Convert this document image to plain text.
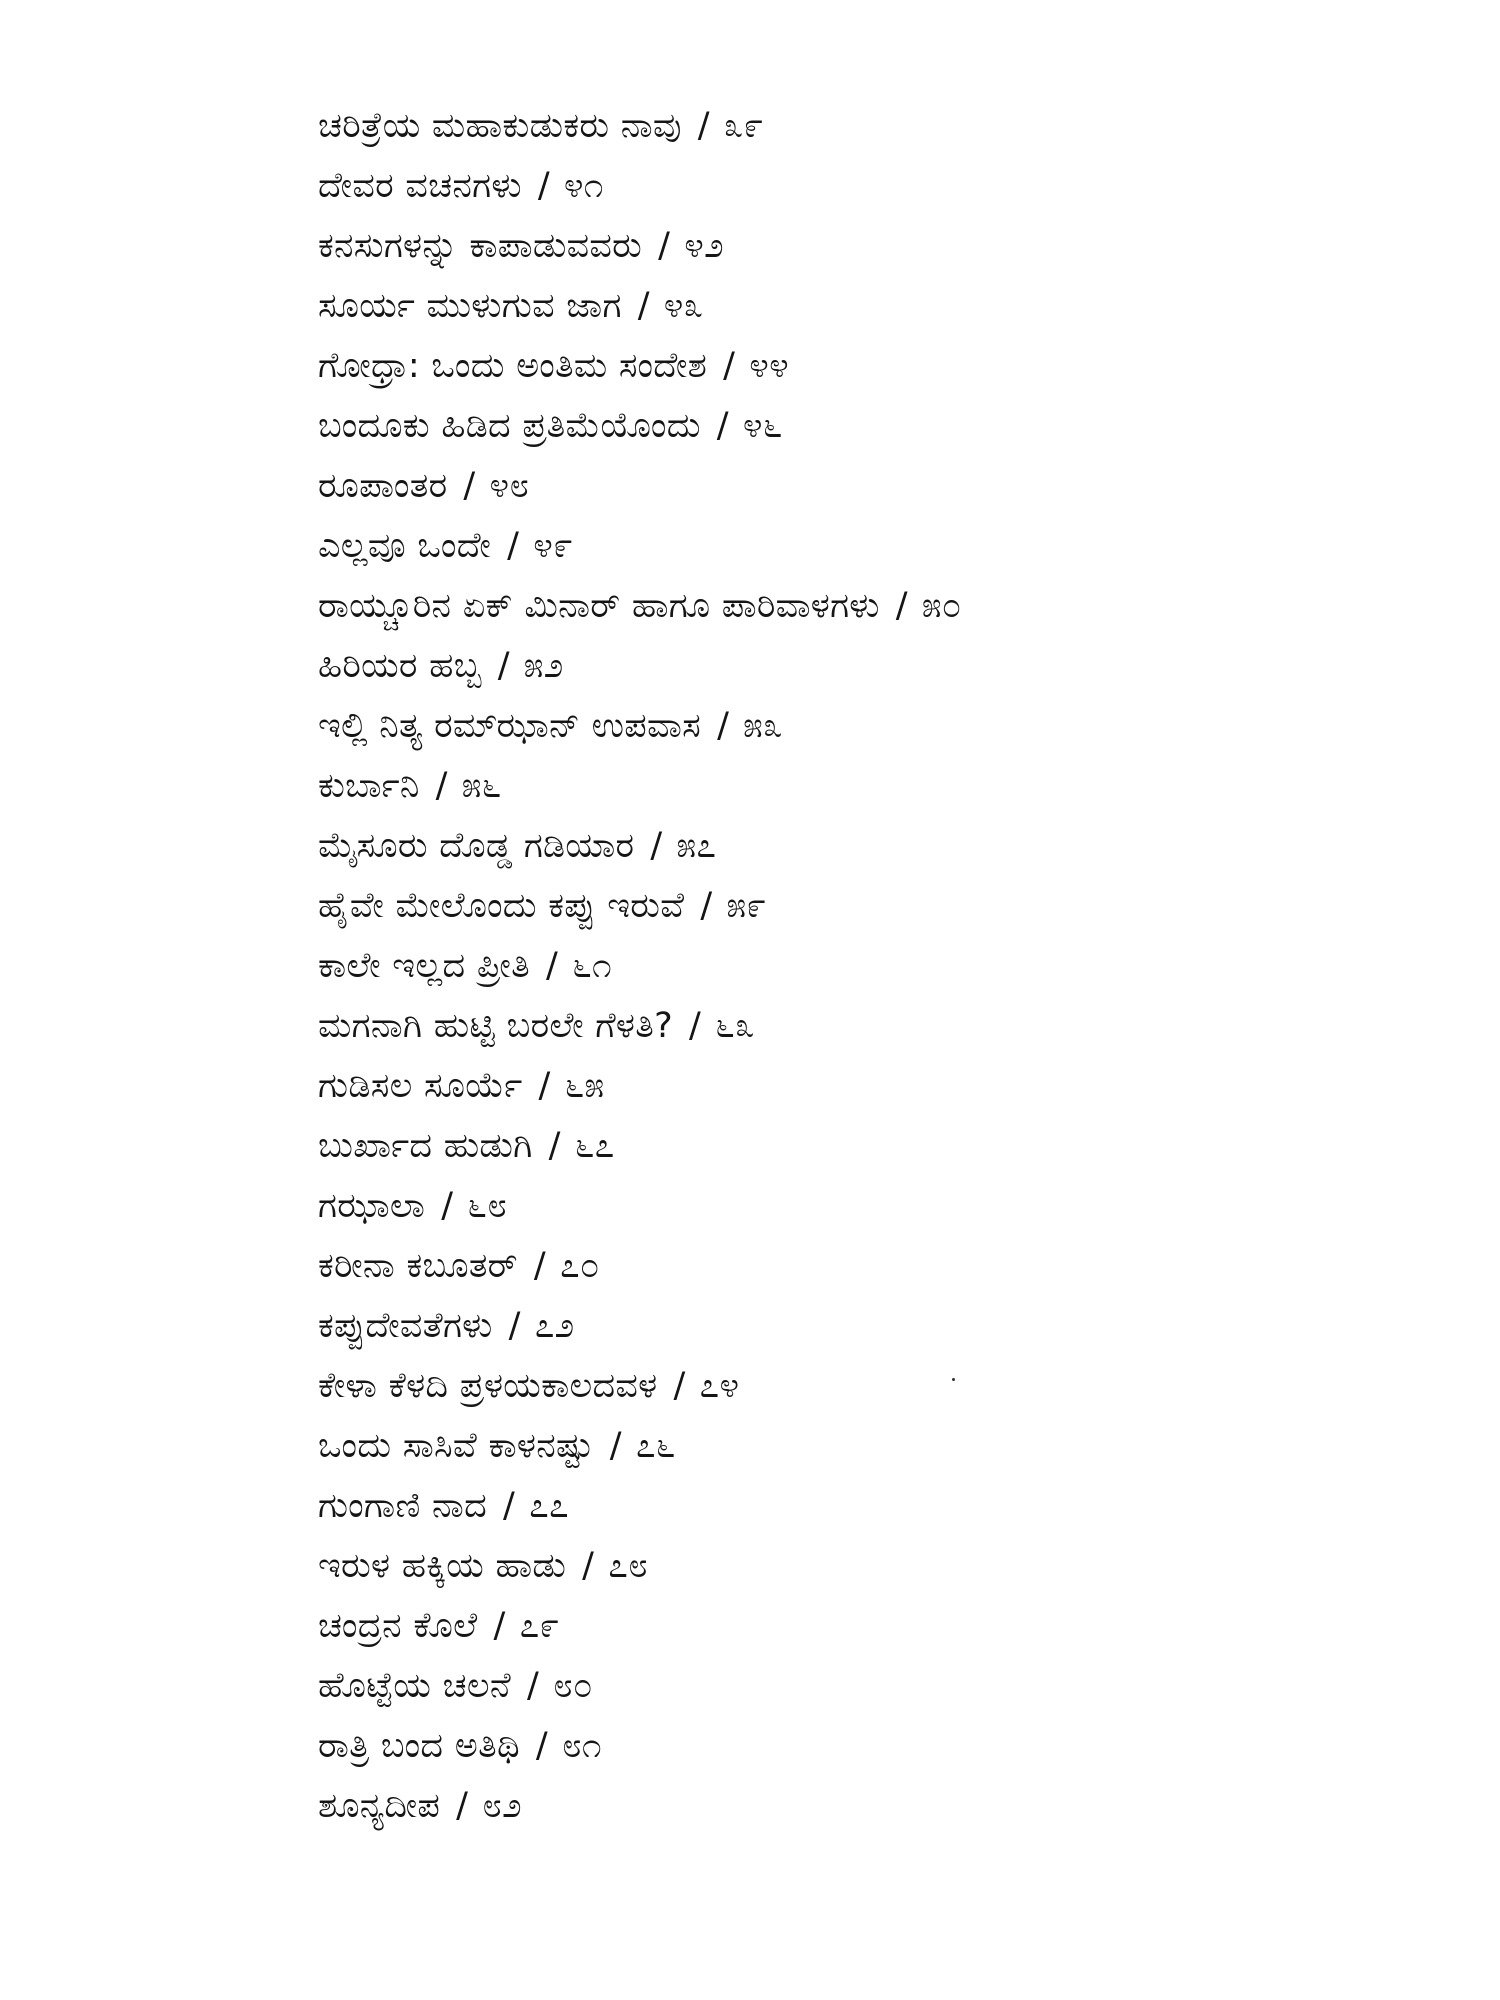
ಚರಿತ್ರೆಯ ಮಹಾಕುಡುಕರು ನಾವು / ೩೯
ದೇವರ ವಚನಗಳು / ೪೧
ಕನಸುಗಳನ್ನು ಕಾಪಾಡುವವರು / ೪೨
ಸೂರ್ಯ ಮುಳುಗುವ ಜಾಗ / ೪೩
ಗೋಧ್ರಾ: ಒಂದು ಅಂತಿಮ ಸಂದೇಶ / ೪೪
ಬಂದೂಕು ಹಿಡಿದ ಪ್ರತಿಮೆಯೊಂದು / ೪೬
ರೂಪಾಂತರ / ೪೮
ಎಲ್ಲವೂ ಒಂದೇ / ೪೯
ರಾಯ್ಚೂರಿನ ಏಕ್ ಮಿನಾರ್ ಹಾಗೂ ಪಾರಿವಾಳಗಳು / ೫೦
ಹಿರಿಯರ ಹಬ್ಬ / ೫೨
ಇಲ್ಲಿ ನಿತ್ಯ ರಮ್‍ಝಾನ್ ಉಪವಾಸ / ೫೩
ಕುರ್ಬಾನಿ / ೫೬
ಮೈಸೂರು ದೊಡ್ಡ ಗಡಿಯಾರ / ೫೭
ಹೈವೇ ಮೇಲೊಂದು ಕಪ್ಪು ಇರುವೆ / ೫೯
ಕಾಲೇ ಇಲ್ಲದ ಪ್ರೀತಿ / ೬೧
ಮಗನಾಗಿ ಹುಟ್ಟಿ ಬರಲೇ ಗೆಳತಿ? / ೬೩
ಗುಡಿಸಲ ಸೂರ್ಯೆ / ೬೫
ಬುರ್ಖಾದ ಹುಡುಗಿ / ೬೭
ಗಝಾಲಾ / ೬೮
ಕರೀನಾ ಕಬೂತರ್ / ೭೦
ಕಪ್ಪುದೇವತೆಗಳು / ೭೨
ಕೇಳಾ ಕೆಳದಿ ಪ್ರಳಯಕಾಲದವಳ / ೭೪
ಒಂದು ಸಾಸಿವೆ ಕಾಳನಷ್ಟು / ೭೬
ಗುಂಗಾಣಿ ನಾದ / ೭೭
ಇರುಳ ಹಕ್ಕಿಯ ಹಾಡು / ೭೮
ಚಂದ್ರನ ಕೊಲೆ / ೭೯
ಹೊಟ್ಟೆಯ ಚಲನೆ / ೮೦
ರಾತ್ರಿ ಬಂದ ಅತಿಥಿ / ೮೧
ಶೂನ್ಯದೀಪ / ೮೨
